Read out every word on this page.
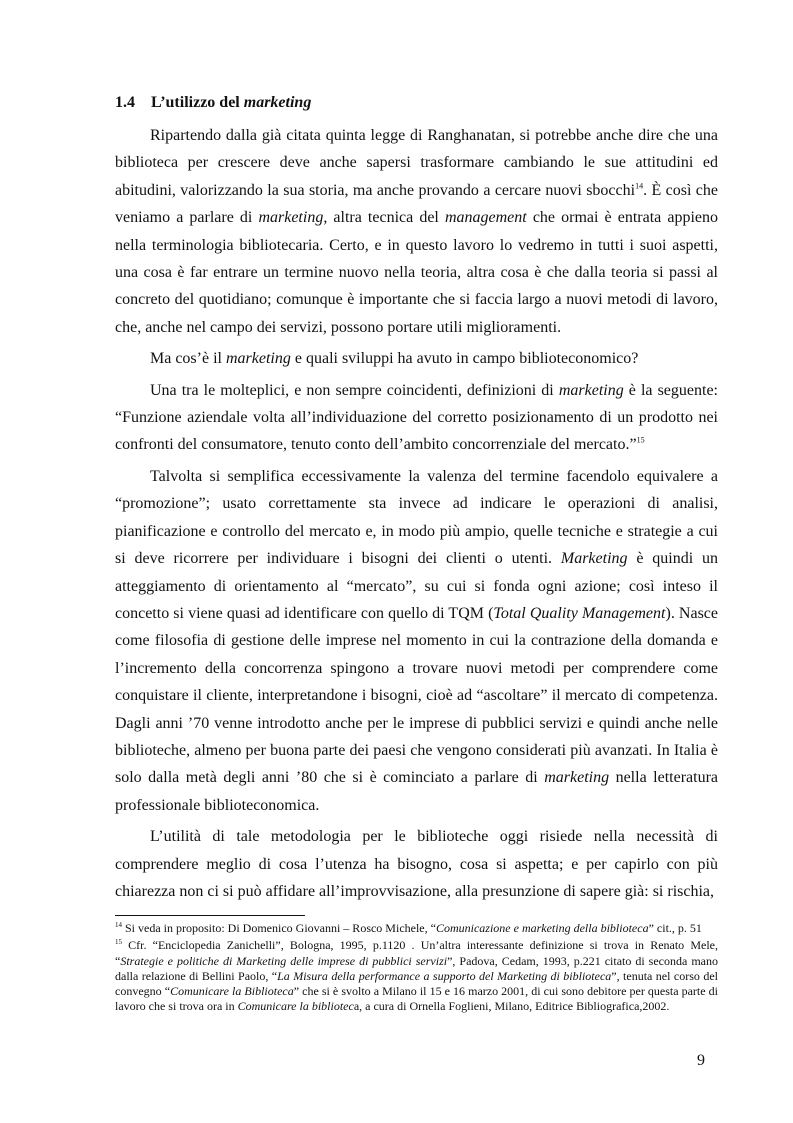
1.4 L’utilizzo del marketing

Ripartendo dalla già citata quinta legge di Ranghanatan, si potrebbe anche dire che una biblioteca per crescere deve anche sapersi trasformare cambiando le sue attitudini ed abitudini, valorizzando la sua storia, ma anche provando a cercare nuovi sbocchi$^{14}$. È così che veniamo a parlare di marketing, altra tecnica del management che ormai è entrata appieno nella terminologia bibliotecaria. Certo, e in questo lavoro lo vedremo in tutti i suoi aspetti, una cosa è far entrare un termine nuovo nella teoria, altra cosa è che dalla teoria si passi al concreto del quotidiano; comunque è importante che si faccia largo a nuovi metodi di lavoro, che, anche nel campo dei servizi, possono portare utili miglioramenti.

Ma cos’è il marketing e quali sviluppi ha avuto in campo biblioteconomico?

Una tra le molteplici, e non sempre coincidenti, definizioni di marketing è la seguente: “Funzione aziendale volta all’individuazione del corretto posizionamento di un prodotto nei confronti del consumatore, tenuto conto dell’ambito concorrenziale del mercato.”$^{15}$

Talvolta si semplifica eccessivamente la valenza del termine facendolo equivalere a “promozione”; usato correttamente sta invece ad indicare le operazioni di analisi, pianificazione e controllo del mercato e, in modo più ampio, quelle tecniche e strategie a cui si deve ricorrere per individuare i bisogni dei clienti o utenti. Marketing è quindi un atteggiamento di orientamento al “mercato”, su cui si fonda ogni azione; così inteso il concetto si viene quasi ad identificare con quello di TQM (Total Quality Management). Nasce come filosofia di gestione delle imprese nel momento in cui la contrazione della domanda e l’incremento della concorrenza spingono a trovare nuovi metodi per comprendere come conquistare il cliente, interpretandone i bisogni, cioè ad “ascoltare” il mercato di competenza. Dagli anni ’70 venne introdotto anche per le imprese di pubblici servizi e quindi anche nelle biblioteche, almeno per buona parte dei paesi che vengono considerati più avanzati. In Italia è solo dalla metà degli anni ’80 che si è cominciato a parlare di marketing nella letteratura professionale biblioteconomica.

L’utilità di tale metodologia per le biblioteche oggi risiede nella necessità di comprendere meglio di cosa l’utenza ha bisogno, cosa si aspetta; e per capirlo con più chiarezza non ci si può affidare all’improvvisazione, alla presunzione di sapere già: si rischia,

$^{14}$ Si veda in proposito: Di Domenico Giovanni – Rosco Michele, “Comunicazione e marketing della biblioteca” cit., p. 51
$^{15}$ Cfr. “Enciclopedia Zanichelli”, Bologna, 1995, p.1120 . Un’altra interessante definizione si trova in Renato Mele, “Strategie e politiche di Marketing delle imprese di pubblici servizi”, Padova, Cedam, 1993, p.221 citato di seconda mano dalla relazione di Bellini Paolo, “La Misura della performance a supporto del Marketing di biblioteca”, tenuta nel corso del convegno “Comunicare la Biblioteca” che si è svolto a Milano il 15 e 16 marzo 2001, di cui sono debitore per questa parte di lavoro che si trova ora in Comunicare la biblioteca, a cura di Ornella Foglieni, Milano, Editrice Bibliografica,2002.
9
